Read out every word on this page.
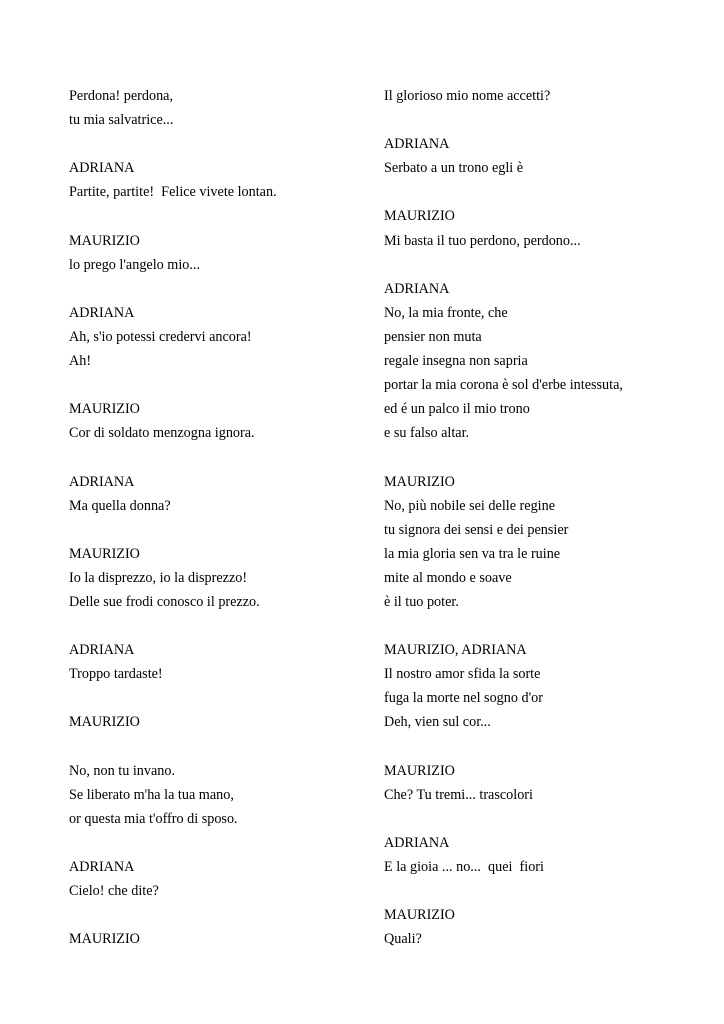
Perdona! perdona,
tu mia salvatrice...
ADRIANA
Partite, partite!  Felice vivete lontan.
MAURIZIO
lo prego l'angelo mio...
ADRIANA
Ah, s'io potessi credervi ancora!
Ah!
MAURIZIO
Cor di soldato menzogna ignora.
ADRIANA
Ma quella donna?
MAURIZIO
Io la disprezzo, io la disprezzo!
Delle sue frodi conosco il prezzo.
ADRIANA
Troppo tardaste!
MAURIZIO
No, non tu invano.
Se liberato m'ha la tua mano,
or questa mia t'offro di sposo.
ADRIANA
Cielo! che dite?
MAURIZIO
Il glorioso mio nome accetti?
ADRIANA
Serbato a un trono egli è
MAURIZIO
Mi basta il tuo perdono, perdono...
ADRIANA
No, la mia fronte, che
pensier non muta
regale insegna non sapria
portar la mia corona è sol d'erbe intessuta,
ed é un palco il mio trono
e su falso altar.
MAURIZIO
No, più nobile sei delle regine
tu signora dei sensi e dei pensier
la mia gloria sen va tra le ruine
mite al mondo e soave
è il tuo poter.
MAURIZIO, ADRIANA
Il nostro amor sfida la sorte
fuga la morte nel sogno d'or
Deh, vien sul cor...
MAURIZIO
Che? Tu tremi... trascolori
ADRIANA
E la gioia ... no...  quei  fiori
MAURIZIO
Quali?
